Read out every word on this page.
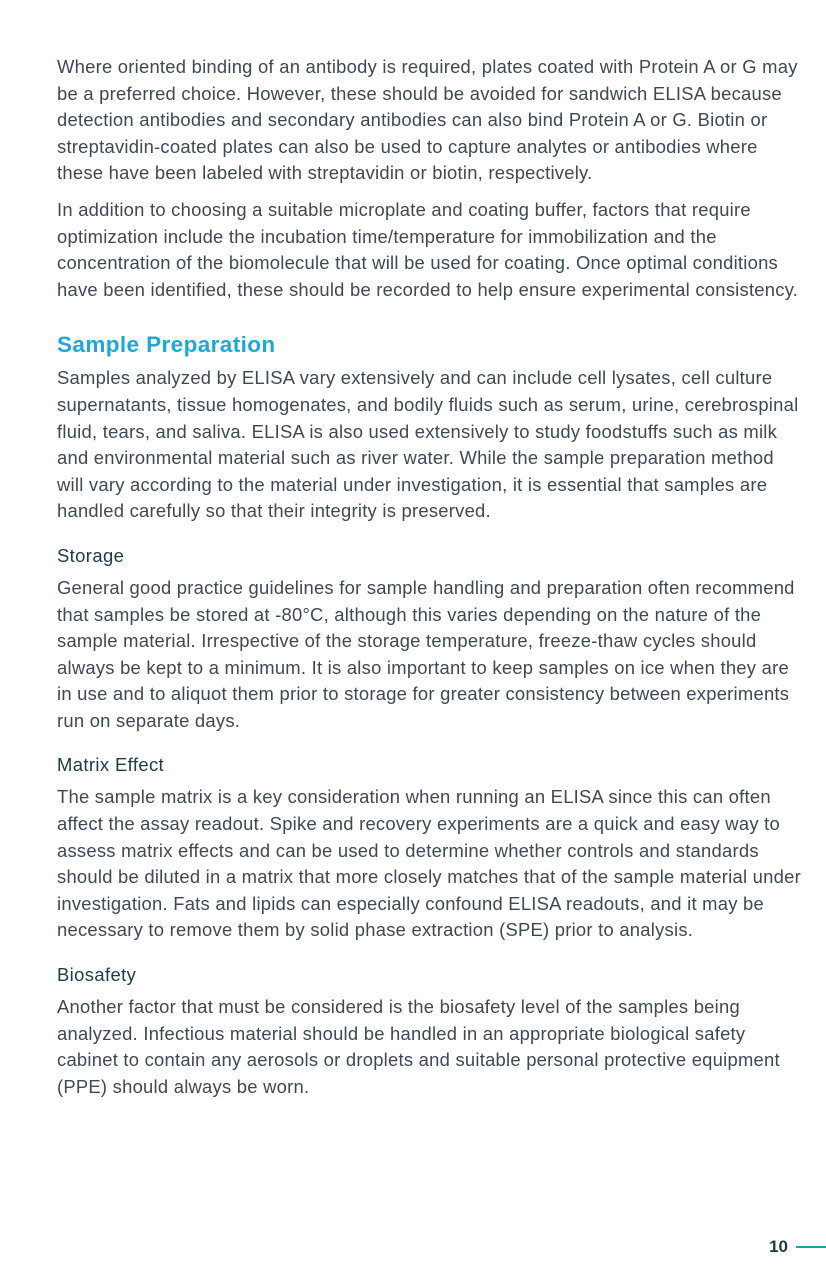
Where oriented binding of an antibody is required, plates coated with Protein A or G may be a preferred choice. However, these should be avoided for sandwich ELISA because detection antibodies and secondary antibodies can also bind Protein A or G. Biotin or streptavidin-coated plates can also be used to capture analytes or antibodies where these have been labeled with streptavidin or biotin, respectively.

In addition to choosing a suitable microplate and coating buffer, factors that require optimization include the incubation time/temperature for immobilization and the concentration of the biomolecule that will be used for coating. Once optimal conditions have been identified, these should be recorded to help ensure experimental consistency.

Sample Preparation

Samples analyzed by ELISA vary extensively and can include cell lysates, cell culture supernatants, tissue homogenates, and bodily fluids such as serum, urine, cerebrospinal fluid, tears, and saliva. ELISA is also used extensively to study foodstuffs such as milk and environmental material such as river water. While the sample preparation method will vary according to the material under investigation, it is essential that samples are handled carefully so that their integrity is preserved.

Storage

General good practice guidelines for sample handling and preparation often recommend that samples be stored at -80°C, although this varies depending on the nature of the sample material. Irrespective of the storage temperature, freeze-thaw cycles should always be kept to a minimum. It is also important to keep samples on ice when they are in use and to aliquot them prior to storage for greater consistency between experiments run on separate days.

Matrix Effect

The sample matrix is a key consideration when running an ELISA since this can often affect the assay readout. Spike and recovery experiments are a quick and easy way to assess matrix effects and can be used to determine whether controls and standards should be diluted in a matrix that more closely matches that of the sample material under investigation. Fats and lipids can especially confound ELISA readouts, and it may be necessary to remove them by solid phase extraction (SPE) prior to analysis.

Biosafety

Another factor that must be considered is the biosafety level of the samples being analyzed. Infectious material should be handled in an appropriate biological safety cabinet to contain any aerosols or droplets and suitable personal protective equipment (PPE) should always be worn.

10
